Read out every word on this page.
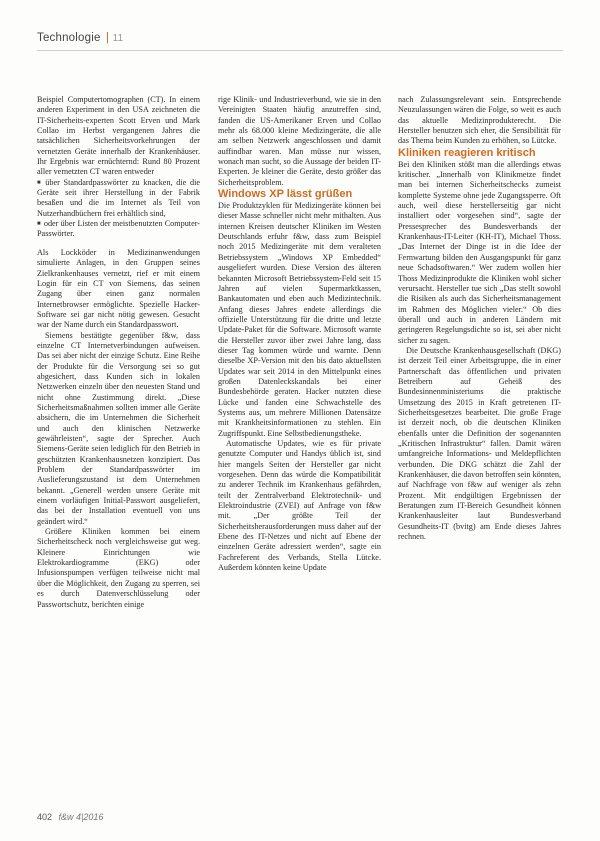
Technologie | 11

Beispiel Computertomographen (CT). In einem anderen Experiment in den USA zeichneten die IT-Sicherheits-experten Scott Erven und Mark Collao im Herbst vergangenen Jahres die tatsächlichen Sicherheitsvorkehrungen der vernetzten Geräte innerhalb der Krankenhäuser. Ihr Ergebnis war ernüchternd: Rund 80 Prozent aller vernetzten CT waren entweder

■ über Standardpasswörter zu knacken, die die Geräte seit ihrer Herstellung in der Fabrik besaßen und die im Internet als Teil von Nutzerhandbüchern frei erhältlich sind,

■ oder über Listen der meistbenutzten Computer-Passwörter.

Als Lockköder in Medizinanwendungen simulierte Anlagen, in den Gruppen seines Zielkrankenhauses vernetzt, rief er mit einem Login für ein CT von Siemens, das seinen Zugang über einen ganz normalen Internetbrowser ermöglichte. Spezielle Hacker-Software sei gar nicht nötig gewesen. Gesucht war der Name durch ein Standardpasswort.

Siemens bestätigte gegenüber f&w, dass einzelne CT Internetverbindungen aufweisen. Das sei aber nicht der einzige Schutz. Eine Reihe der Produkte für die Versorgung sei so gut abgesichert, dass Kunden sich in lokalen Netzwerken einzeln über den neuesten Stand und nicht ohne Zustimmung direkt. „Diese Sicherheitsmaßnahmen sollten immer alle Geräte absichern, die im Unternehmen die Sicherheit und auch den klinischen Netzwerke gewährleisten“, sagte der Sprecher. Auch Siemens-Geräte seien lediglich für den Betrieb in geschützten Krankenhausnetzen konzipiert. Das Problem der Standardpasswörter im Auslieferungszustand ist dem Unternehmen bekannt. „Generell werden unsere Geräte mit einem vorläufigen Initial-Passwort ausgeliefert, das bei der Installation eventuell von uns geändert wird.“

Größere Kliniken kommen bei einem Sicherheitscheck noch vergleichsweise gut weg. Kleinere Einrichtungen wie Elektrokardiogramme (EKG) oder Infusionspumpen verfügen teilweise nicht mal über die Möglichkeit, den Zugang zu sperren, sei es durch Datenverschlüsselung oder Passwortschutz, berichten einige

rige Klinik- und Industrieverbund, wie sie in den Vereinigten Staaten häufig anzutreffen sind, fanden die US-Amerikaner Erven und Collao mehr als 68.000 kleine Medizingeräte, die alle am selben Netzwerk angeschlossen und damit auffindbar waren. Man müsse nur wissen, wonach man sucht, so die Aussage der beiden IT-Experten. Je kleiner die Geräte, desto größer das Sicherheitsproblem.

Windows XP lässt grüßen

Die Produktzyklen für Medizingeräte können bei dieser Masse schneller nicht mehr mithalten. Aus internen Kreisen deutscher Kliniken im Westen Deutschlands erfuhr f&w, dass zum Beispiel noch 2015 Medizingeräte mit dem veralteten Betriebssystem „Windows XP Embedded“ ausgeliefert wurden. Diese Version des älteren bekannten Microsoft Betriebssystem-Feld seit 15 Jahren auf vielen Supermarktkassen, Bankautomaten und eben auch Medizintechnik. Anfang dieses Jahres endete allerdings die offizielle Unterstützung für die dritte und letzte Update-Paket für die Software. Microsoft warnte die Hersteller zuvor über zwei Jahre lang, dass dieser Tag kommen würde und warnte. Denn dieselbe XP-Version mit den bis dato aktuellsten Updates war seit 2014 in den Mittelpunkt eines großen Datenleckskandals bei einer Bundesbehörde geraten. Hacker nutzten diese Lücke und fanden eine Schwachstelle des Systems aus, um mehrere Millionen Datensätze mit Krankheitsinformationen zu stehlen. Ein Zugriffspunkt. Eine Selbstbedienungstheke.

Automatische Updates, wie es für private genutzte Computer und Handys üblich ist, sind hier mangels Seiten der Hersteller gar nicht vorgesehen. Denn das würde die Kompatibilität zu anderer Technik im Krankenhaus gefährden, teilt der Zentralverband Elektrotechnik- und Elektroindustrie (ZVEI) auf Anfrage von f&w mit. „Der größte Teil der Sicherheitsherausforderungen muss daher auf der Ebene des IT-Netzes und nicht auf Ebene der einzelnen Geräte adressiert werden“, sagte ein Fachreferent des Verbands, Stella Lütcke. Außerdem könnten keine Update

nach Zulassungsrelevant sein. Entsprechende Neuzulassungen wären die Folge, so weit es auch das aktuelle Medizinprodukterecht. Die Hersteller benutzen sich eher, die Sensibilität für das Thema beim Kunden zu erhöhen, so Lütcke.

Kliniken reagieren kritisch

Bei den Kliniken stößt man die allerdings etwas kritischer. „Innerhalb von Klinikmetze findet man bei internen Sicherheitschecks zumeist komplette Systeme ohne jede Zugangssperre. Oft auch, weil diese herstellerseitig gar nicht installiert oder vorgesehen sind“, sagte der Pressesprecher des Bundesverbands der Krankenhaus-IT-Leiter (KH-IT), Michael Thoss. „Das Internet der Dinge ist in die Idee der Fernwartung bilden den Ausgangspunkt für ganz neue Schadsoftwaren.“ Wer zudem wollen hier Thoss Medizinprodukte die Kliniken wohl sicher verursacht. Hersteller tue sich „Das stellt sowohl die Risiken als auch das Sicherheitsmanagement im Rahmen des Möglichen vieler.“ Ob dies überall und auch in anderen Ländern mit geringeren Regelungsdichte so ist, sei aber nicht sicher zu sagen.

Die Deutsche Krankenhausgesellschaft (DKG) ist derzeit Teil einer Arbeitsgruppe, die in einer Partnerschaft das öffentlichen und privaten Betreibern auf Geheiß des Bundesinnenministeriums die praktische Umsetzung des 2015 in Kraft getretenen IT-Sicherheitsgesetzes bearbeitet. Die große Frage ist derzeit noch, ob die deutschen Kliniken ebenfalls unter die Definition der sogenannten „Kritischen Infrastruktur“ fallen. Damit wären umfangreiche Informations- und Meldepflichten verbunden. Die DKG schätzt die Zahl der Krankenhäuser, die davon betroffen sein könnten, auf Nachfrage von f&w auf weniger als zehn Prozent. Mit endgültigen Ergebnissen der Beratungen zum IT-Bereich Gesundheit können Krankenhausleiter laut Bundesverband Gesundheits-IT (bvitg) am Ende dieses Jahres rechnen.

402 f&w 4|2016
